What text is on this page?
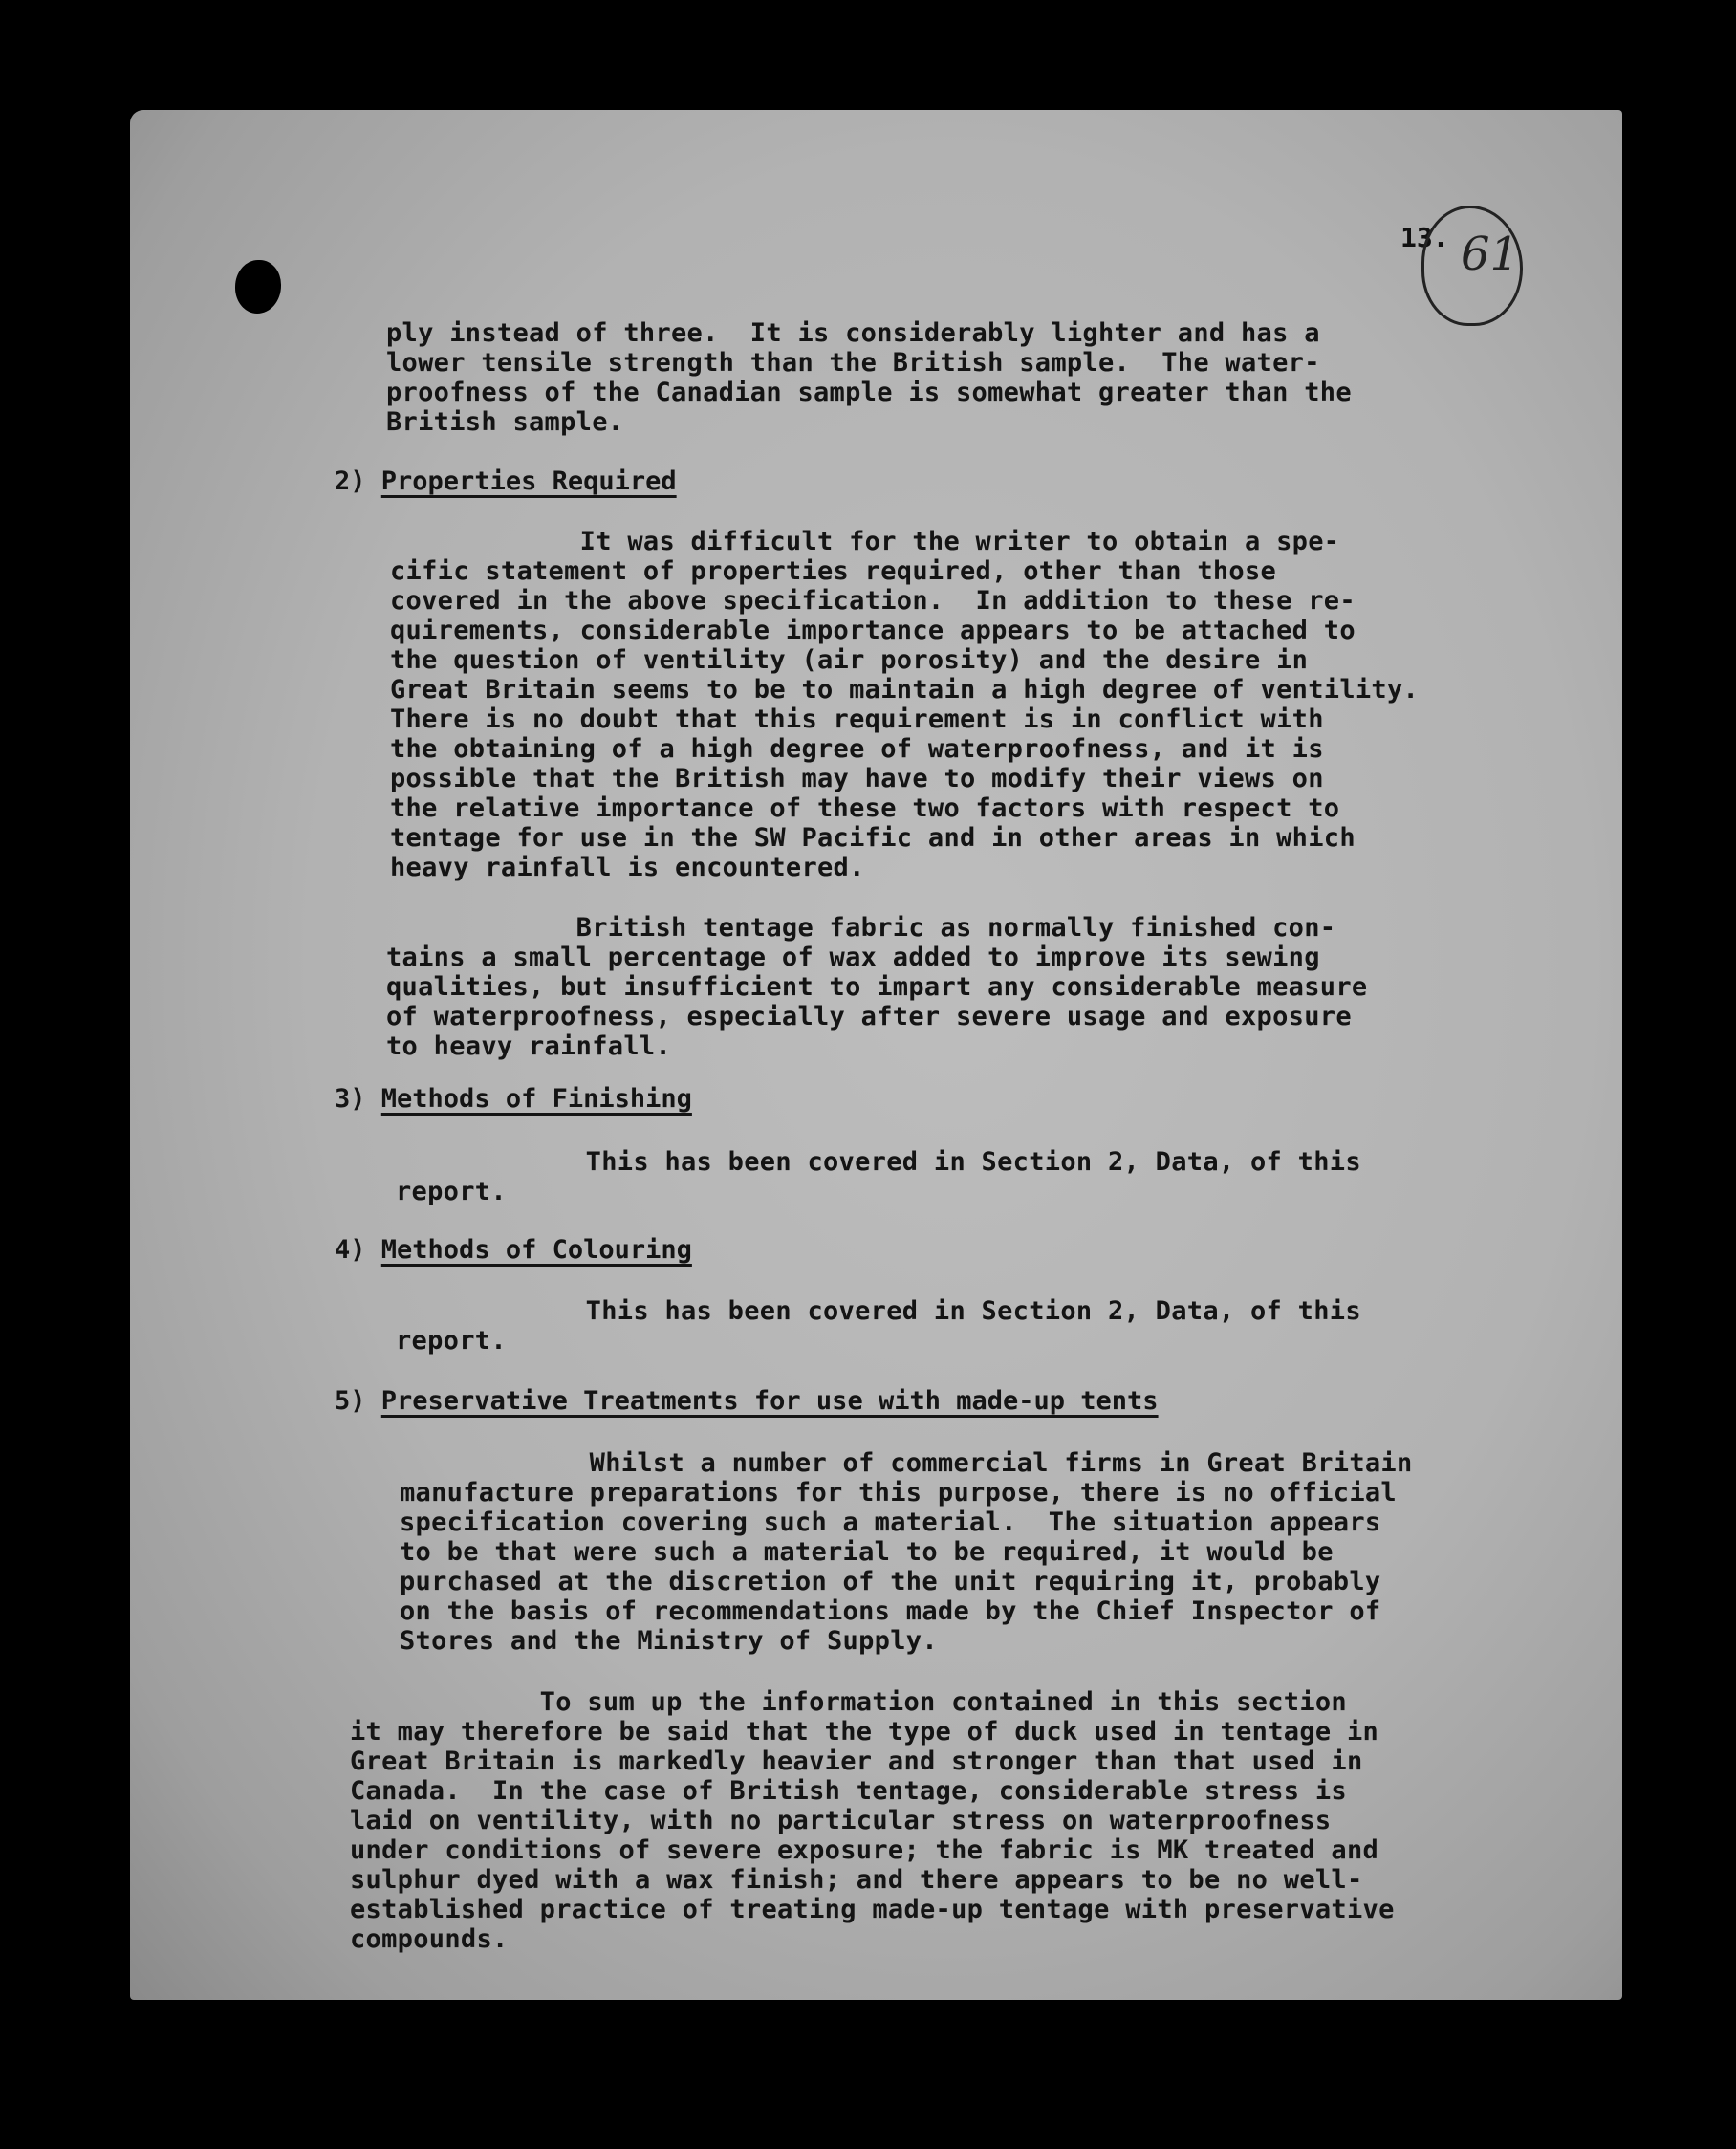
13. 61
ply instead of three.  It is considerably lighter and has a
lower tensile strength than the British sample.  The water-
proofness of the Canadian sample is somewhat greater than the
British sample.
2) Properties Required
It was difficult for the writer to obtain a spe-
cific statement of properties required, other than those
covered in the above specification.  In addition to these re-
quirements, considerable importance appears to be attached to
the question of ventility (air porosity) and the desire in
Great Britain seems to be to maintain a high degree of ventility.
There is no doubt that this requirement is in conflict with
the obtaining of a high degree of waterproofness, and it is
possible that the British may have to modify their views on
the relative importance of these two factors with respect to
tentage for use in the SW Pacific and in other areas in which
heavy rainfall is encountered.
British tentage fabric as normally finished con-
tains a small percentage of wax added to improve its sewing
qualities, but insufficient to impart any considerable measure
of waterproofness, especially after severe usage and exposure
to heavy rainfall.
3) Methods of Finishing
This has been covered in Section 2, Data, of this
report.
4) Methods of Colouring
This has been covered in Section 2, Data, of this
report.
5) Preservative Treatments for use with made-up tents
Whilst a number of commercial firms in Great Britain
manufacture preparations for this purpose, there is no official
specification covering such a material.  The situation appears
to be that were such a material to be required, it would be
purchased at the discretion of the unit requiring it, probably
on the basis of recommendations made by the Chief Inspector of
Stores and the Ministry of Supply.
To sum up the information contained in this section
it may therefore be said that the type of duck used in tentage in
Great Britain is markedly heavier and stronger than that used in
Canada.  In the case of British tentage, considerable stress is
laid on ventility, with no particular stress on waterproofness
under conditions of severe exposure; the fabric is MK treated and
sulphur dyed with a wax finish; and there appears to be no well-
established practice of treating made-up tentage with preservative
compounds.
